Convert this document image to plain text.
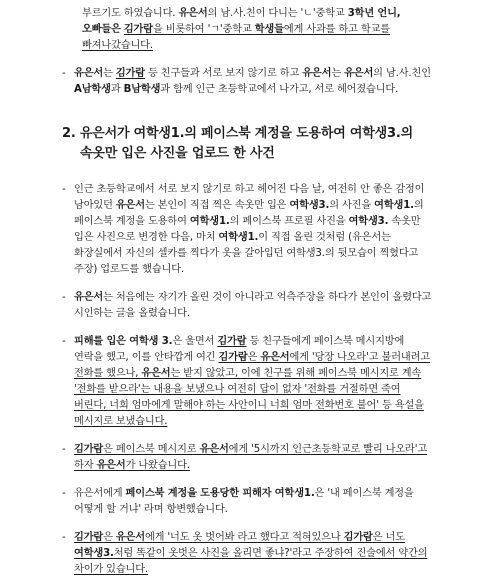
부르기도 하였습니다. 유은서의 남.사.친이 다니는 'ㄴ'중학교 3학년 언니, 오빠들은 김가람을 비롯하여 'ㄱ'중학교 학생들에게 사과를 하고 학교를 빠져나갔습니다.

- 유은서는 김가람 등 친구들과 서로 보지 않기로 하고 유은서는 유은서의 남.사.친인 A남학생과 B남학생과 함께 인근 초등학교에서 나가고, 서로 헤어졌습니다.

2. 유은서가 여학생1.의 페이스북 계정을 도용하여 여학생3.의 속옷만 입은 사진을 업로드 한 사건

- 인근 초등학교에서 서로 보지 않기로 하고 헤어진 다음 날, 여전히 안 좋은 감정이 남아있던 유은서는 본인이 직접 찍은 속옷만 입은 여학생3.의 사진을 여학생1.의 페이스북 계정을 도용하여 여학생1.의 페이스북 프로필 사진을 여학생3. 속옷만 입은 사진으로 변경한 다음, 마치 여학생1.이 직접 올린 것처럼 (유은서는 화장실에서 자신의 셀카를 찍다가 옷을 갈아입던 여학생3.의 뒷모습이 찍혔다고 주장) 업로드를 했습니다.

- 유은서는 처음에는 자기가 올린 것이 아니라고 억측주장을 하다가 본인이 올렸다고 시인하는 글을 올렸습니다.

- 피해를 입은 여학생 3.은 울면서 김가람 등 친구들에게 페이스북 메시지방에 연락을 했고, 이를 안타깝게 여긴 김가람은 유은서에게 '당장 나오라'고 불러내려고 전화를 했으나, 유은서는 받지 않았고, 이에 친구를 위해 페이스북 메시지로 계속 '전화를 받으라'는 내용을 보냈으나 여전히 답이 없자 '전화를 거절하면 죽여 버린다, 너희 엄마에게 말해야 하는 사안이니 너희 엄마 전화번호 불어' 등 욕설을 메시지로 보냈습니다.

- 김가람은 페이스북 메시지로 유은서에게 '5시까지 인근초등학교로 빨리 나오라'고 하자 유은서가 나왔습니다.

- 유은서에게 페이스북 계정을 도용당한 피해자 여학생1.은 '내 페이스북 계정을 어떻게 할 거냐' 라며 항변했습니다.

- 김가람은 유은서에게 '너도 옷 벗어봐 라고 했다고 적혀있으나 김가람은 너도 여학생3.처럼 똑같이 옷벗은 사진을 올리면 좋냐?'라고 주장하여 진술에서 약간의 차이가 있습니다.
